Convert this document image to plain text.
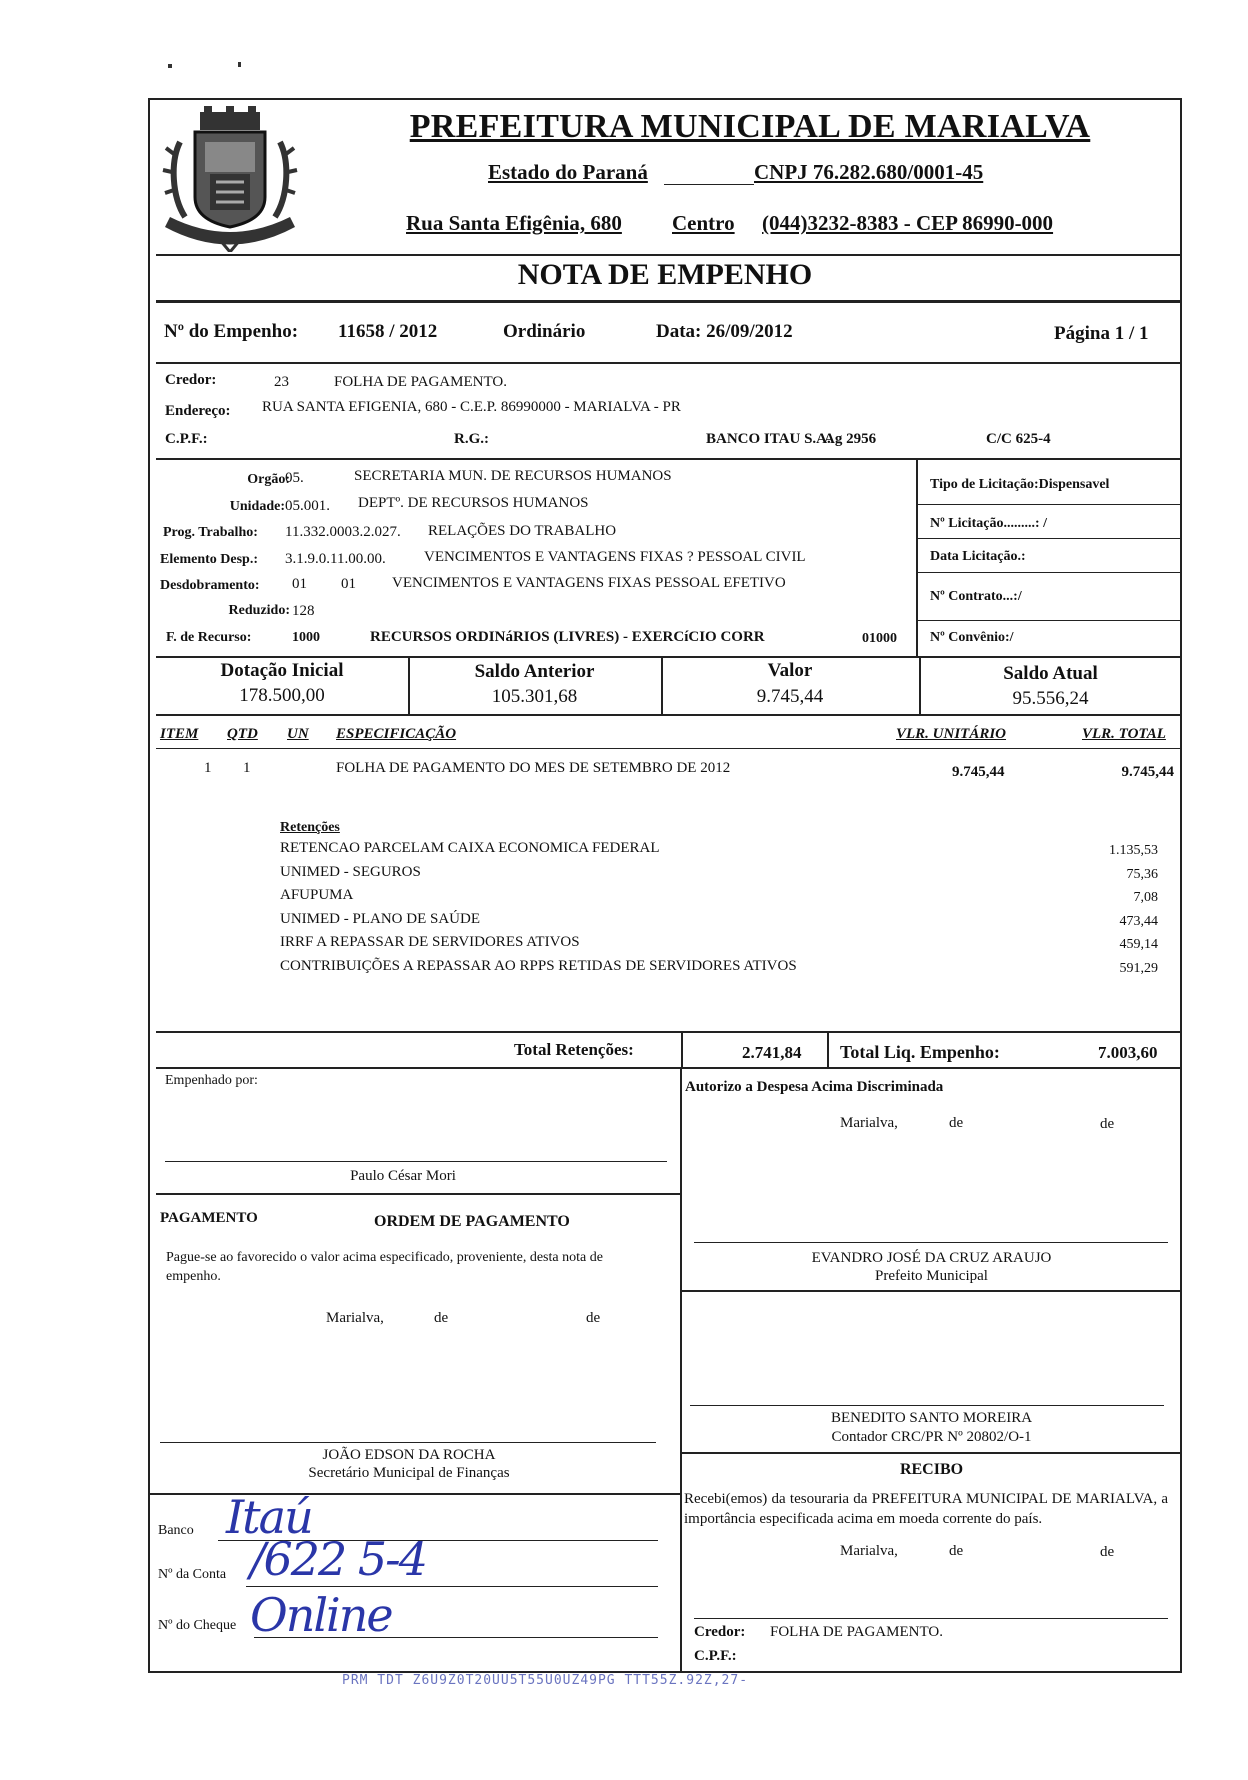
PREFEITURA MUNICIPAL DE MARIALVA
Estado do Paraná	CNPJ 76.282.680/0001-45
Rua Santa Efigênia, 680 Centro (044)3232-8383 - CEP 86990-000
NOTA DE EMPENHO
Nº do Empenho: 11658 / 2012	Ordinário	Data: 26/09/2012	Página 1 / 1
Credor:	23	FOLHA DE PAGAMENTO.
Endereço: RUA SANTA EFIGENIA, 680 - C.E.P. 86990000 - MARIALVA - PR
C.P.F.:	R.G.:	BANCO ITAU S.A.
Ag 2956	C/C 625-4
Orgão:
05.	SECRETARIA MUN. DE RECURSOS HUMANOS
Unidade: 05.001. DEPTº. DE RECURSOS HUMANOS
Prog. Trabalho: 11.332.0003.2.027. RELAÇÕES DO TRABALHO
Elemento Desp.: 3.1.9.0.11.00.00.	VENCIMENTOS E VANTAGENS FIXAS ? PESSOAL CIVIL
Desdobramento: 01 01 VENCIMENTOS E VANTAGENS FIXAS PESSOAL EFETIVO
Reduzido: 128
F. de Recurso:	1000	RECURSOS ORDINáRIOS (LIVRES) - EXERCíCIO CORR	01000
Tipo de Licitação:Dispensavel
Nº Licitação.........: /
Data Licitação.:
Nº Contrato...:/
Nº Convênio:/
Dotação Inicial
178.500,00
Saldo Anterior
105.301,68
Valor
9.745,44
Saldo Atual
95.556,24
ITEM QTD UN ESPECIFICAÇÃO	VLR. UNITÁRIO	VLR. TOTAL
1 1	FOLHA DE PAGAMENTO DO MES DE SETEMBRO DE 2012	9.745,44	9.745,44
Retenções
RETENCAO PARCELAM CAIXA ECONOMICA FEDERAL	1.135,53
UNIMED - SEGUROS	75,36
AFUPUMA	7,08
UNIMED - PLANO DE SAÚDE	473,44
IRRF A REPASSAR DE SERVIDORES ATIVOS	459,14
CONTRIBUIÇÕES A REPASSAR AO RPPS RETIDAS DE SERVIDORES ATIVOS	591,29
Total Retenções:	2.741,84 Total Liq. Empenho:	7.003,60
Empenhado por:
Paulo César Mori
Autorizo a Despesa Acima Discriminada
Marialva,	de	de
EVANDRO JOSÉ DA CRUZ ARAUJO
Prefeito Municipal
PAGAMENTO	ORDEM DE PAGAMENTO
Pague-se ao favorecido o valor acima especificado, proveniente, desta nota de empenho.
Marialva,	de	de
JOÃO EDSON DA ROCHA
Secretário Municipal de Finanças
BENEDITO SANTO MOREIRA
Contador CRC/PR Nº 20802/O-1
RECIBO
Recebi(emos) da tesouraria da PREFEITURA MUNICIPAL DE MARIALVA, a importância especificada acima em moeda corrente do país.
Marialva,	de	de
Credor: FOLHA DE PAGAMENTO.
C.P.F.:
Banco Itaú
Nº da Conta /622 5-4
Nº do Cheque Online
PRM TDT Z6U9Z0T20UU5T55U0UZ49PG TTT55Z.92Z,27-
